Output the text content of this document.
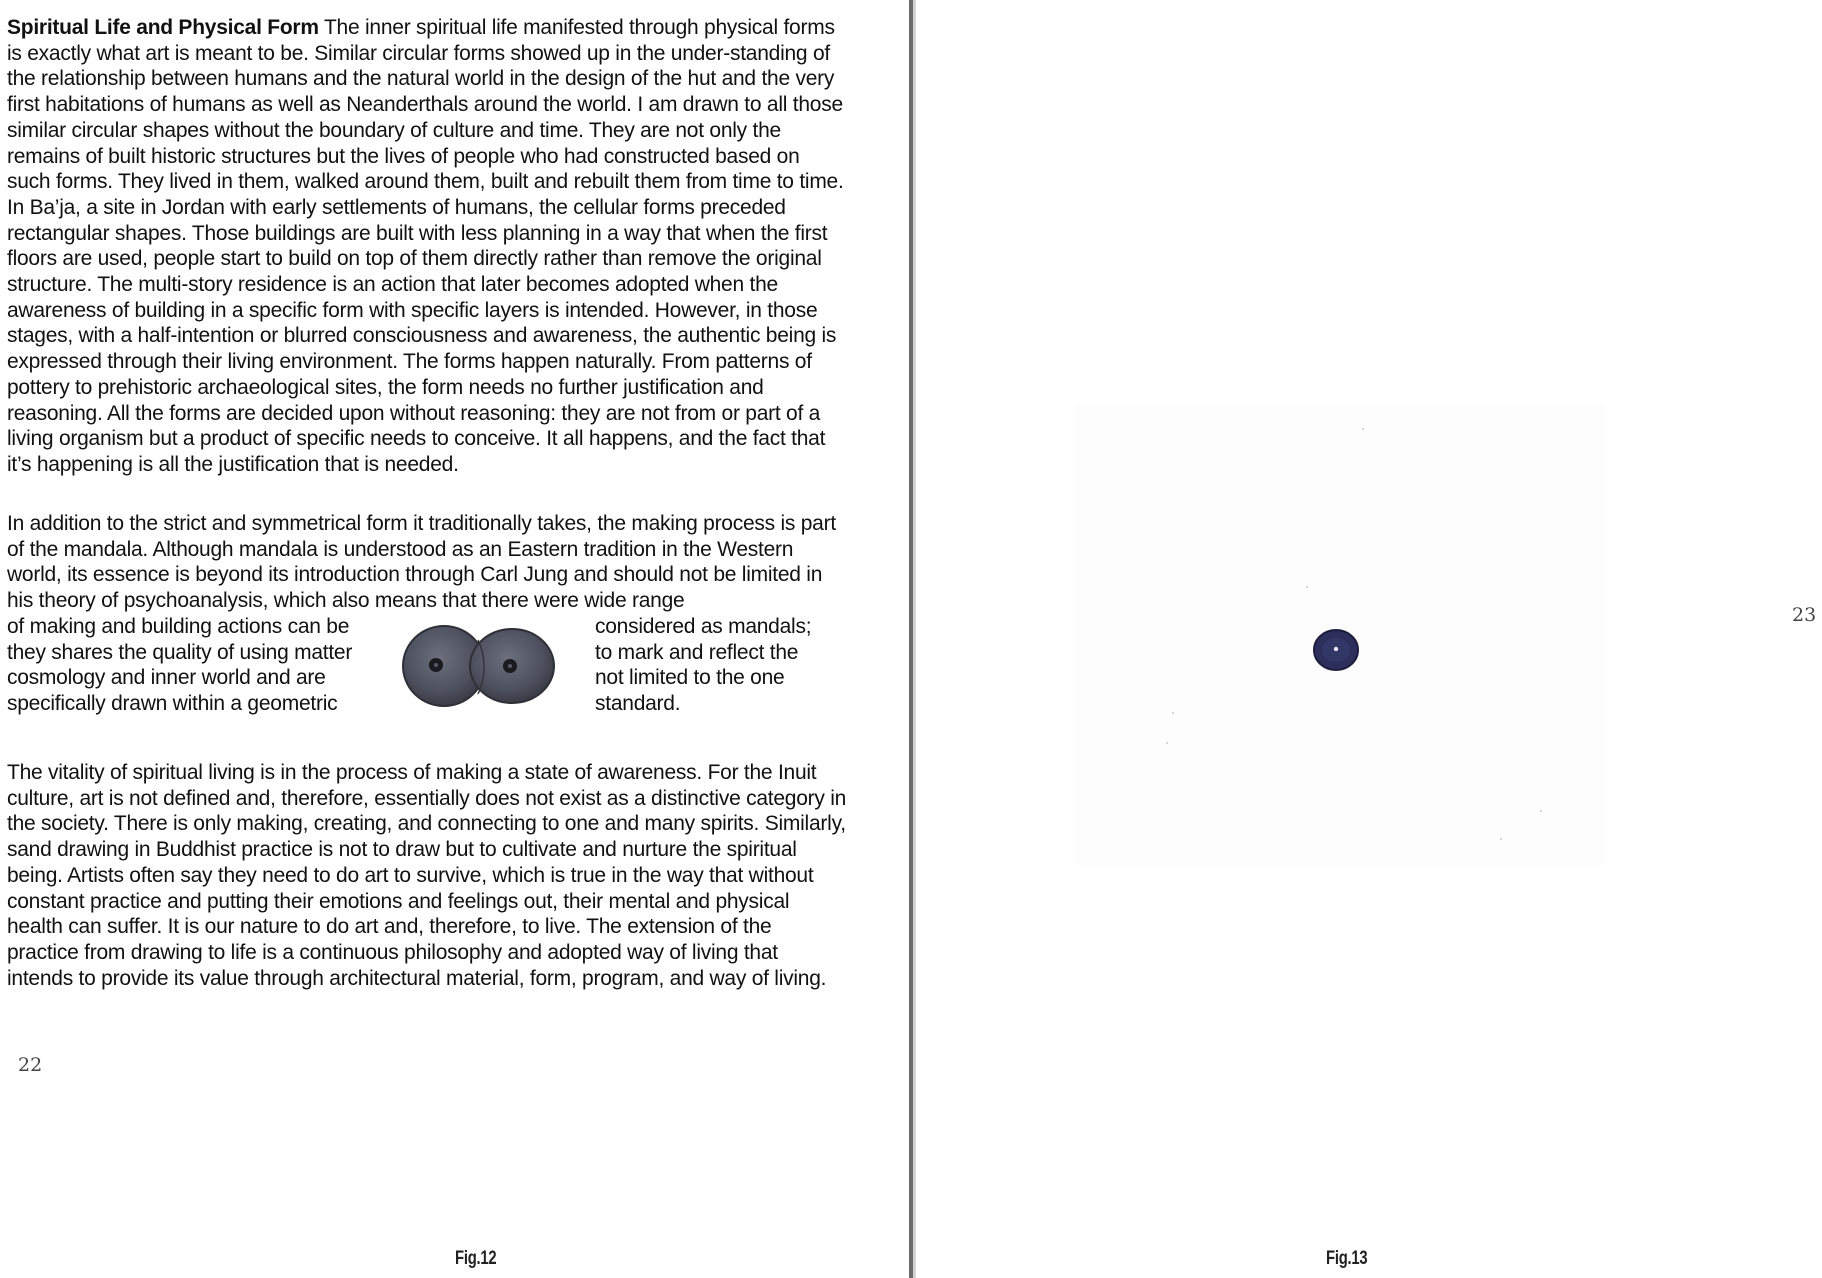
Spiritual Life and Physical Form The inner spiritual life manifested through physical forms is exactly what art is meant to be. Similar circular forms showed up in the under-standing of the relationship between humans and the natural world in the design of the hut and the very first habitations of humans as well as Neanderthals around the world. I am drawn to all those similar circular shapes without the boundary of culture and time. They are not only the remains of built historic structures but the lives of people who had constructed based on such forms. They lived in them, walked around them, built and rebuilt them from time to time. In Ba’ja, a site in Jordan with early settlements of humans, the cellular forms preceded rectangular shapes. Those buildings are built with less planning in a way that when the first floors are used, people start to build on top of them directly rather than remove the original structure. The multi-story residence is an action that later becomes adopted when the awareness of building in a specific form with specific layers is intended. However, in those stages, with a half-intention or blurred consciousness and awareness, the authentic being is expressed through their living environment. The forms happen naturally. From patterns of pottery to prehistoric archaeological sites, the form needs no further justification and reasoning. All the forms are decided upon without reasoning: they are not from or part of a living organism but a product of specific needs to conceive. It all happens, and the fact that it’s happening is all the justification that is needed.

In addition to the strict and symmetrical form it traditionally takes, the making process is part of the mandala. Although mandala is understood as an Eastern tradition in the Western world, its essence is beyond its introduction through Carl Jung and should not be limited in his theory of psychoanalysis, which also means that there were wide range

of making and building actions can be
they shares the quality of using matter
cosmology and inner world and are
specifically drawn within a geometric
considered as mandals;
to mark and reflect the
not limited to the one
standard.

The vitality of spiritual living is in the process of making a state of awareness. For the Inuit culture, art is not defined and, therefore, essentially does not exist as a distinctive category in the society. There is only making, creating, and connecting to one and many spirits. Similarly, sand drawing in Buddhist practice is not to draw but to cultivate and nurture the spiritual being. Artists often say they need to do art to survive, which is true in the way that without constant practice and putting their emotions and feelings out, their mental and physical health can suffer. It is our nature to do art and, therefore, to live. The extension of the practice from drawing to life is a continuous philosophy and adopted way of living that intends to provide its value through architectural material, form, program, and way of living.

22
Fig.12
23
Fig.13
